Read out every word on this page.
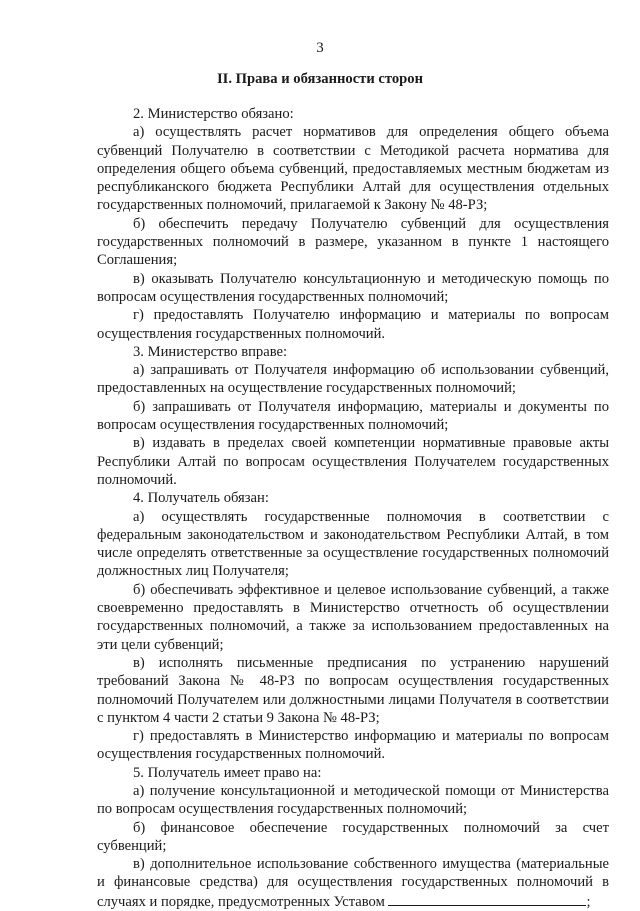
3
II. Права и обязанности сторон

2. Министерство обязано:

а) осуществлять расчет нормативов для определения общего объема субвенций Получателю в соответствии с Методикой расчета норматива для определения общего объема субвенций, предоставляемых местным бюджетам из республиканского бюджета Республики Алтай для осуществления отдельных государственных полномочий, прилагаемой к Закону № 48-РЗ;

б) обеспечить передачу Получателю субвенций для осуществления государственных полномочий в размере, указанном в пункте 1 настоящего Соглашения;

в) оказывать Получателю консультационную и методическую помощь по вопросам осуществления государственных полномочий;

г) предоставлять Получателю информацию и материалы по вопросам осуществления государственных полномочий.

3. Министерство вправе:

а) запрашивать от Получателя информацию об использовании субвенций, предоставленных на осуществление государственных полномочий;

б) запрашивать от Получателя информацию, материалы и документы по вопросам осуществления государственных полномочий;

в) издавать в пределах своей компетенции нормативные правовые акты Республики Алтай по вопросам осуществления Получателем государственных полномочий.

4. Получатель обязан:

а) осуществлять государственные полномочия в соответствии с федеральным законодательством и законодательством Республики Алтай, в том числе определять ответственные за осуществление государственных полномочий должностных лиц Получателя;

б) обеспечивать эффективное и целевое использование субвенций, а также своевременно предоставлять в Министерство отчетность об осуществлении государственных полномочий, а также за использованием предоставленных на эти цели субвенций;

в) исполнять письменные предписания по устранению нарушений требований Закона № 48-РЗ по вопросам осуществления государственных полномочий Получателем или должностными лицами Получателя в соответствии с пунктом 4 части 2 статьи 9 Закона № 48-РЗ;

г) предоставлять в Министерство информацию и материалы по вопросам осуществления государственных полномочий.

5. Получатель имеет право на:

а) получение консультационной и методической помощи от Министерства по вопросам осуществления государственных полномочий;

б) финансовое обеспечение государственных полномочий за счет субвенций;

в) дополнительное использование собственного имущества (материальные и финансовые средства) для осуществления государственных полномочий в случаях и порядке, предусмотренных Уставом	;
